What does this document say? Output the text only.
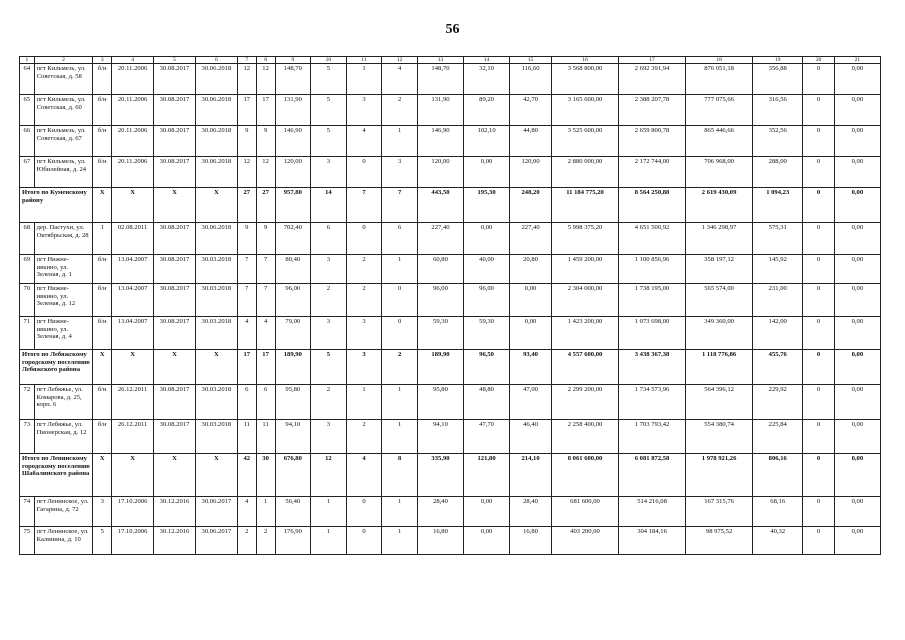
56
1	2	3	4	5	6	7	8	9	10	11	12	13	14	15	16	17	18	19	20	21
64	пгт Кильмезь, ул. Советская, д. 58	б/н	20.11.2006	30.08.2017	30.06.2018	12	12	148,70	5	1	4	148,70	32,10	116,60	3 568 800,00	2 692 391,94	876 051,18	356,88	0	0,00
65	пгт Кильмезь, ул. Советская, д. 60	б/н	20.11.2006	30.08.2017	30.06.2018	17	17	131,90	5	3	2	131,90	89,20	42,70	3 165 600,00	2 388 207,78	777 075,66	316,56	0	0,00
66	пгт Кильмезь, ул. Советская, д. 67	б/н	20.11.2006	30.08.2017	30.06.2018	9	9	146,90	5	4	1	146,90	102,10	44,80	3 525 600,00	2 659 800,78	865 446,66	352,56	0	0,00
67	пгт Кильмезь, ул. Юбилейная, д. 24	б/н	20.11.2006	30.08.2017	30.06.2018	12	12	120,00	3	0	3	120,00	0,00	120,00	2 880 000,00	2 172 744,00	706 968,00	288,00	0	0,00
Итого по Куменскому району		X	X	X	X	27	27	957,80	14	7	7	443,50	195,30	248,20	11 184 775,20	8 564 250,88	2 619 430,09	1 094,23	0	0,00
68	дер. Пастухи, ул. Октябрьская, д. 28	1	02.08.2011	30.08.2017	30.06.2018	9	9	702,40	6	0	6	227,40	0,00	227,40	5 998 375,20	4 651 500,92	1 346 298,97	575,31	0	0,00
69	пгт Нижне-ивкино, ул. Зеленая, д. 1	б/н	13.04.2007	30.08.2017	30.03.2018	7	7	80,40	3	2	1	60,80	40,00	20,80	1 459 200,00	1 100 856,96	358 197,12	145,92	0	0,00
70	пгт Нижне-ивкино, ул. Зеленая, д. 12	б/н	13.04.2007	30.08.2017	30.03.2018	7	7	96,00	2	2	0	96,00	96,00	0,00	2 304 000,00	1 738 195,00	565 574,00	231,00	0	0,00
71	пгт Нижне-ивкино, ул. Зеленая, д. 4	б/н	13.04.2007	30.08.2017	30.03.2018	4	4	79,00	3	3	0	59,30	59,30	0,00	1 423 200,00	1 073 698,00	349 360,00	142,00	0	0,00
Итого по Лебяжскому городскому поселению Лебяжского района		X	X	X	X	17	17	189,90	5	3	2	189,90	96,50	93,40	4 557 600,00	3 438 367,38	1 118 776,86	455,76	0	0,00
72	пгт Лебяжье, ул. Комарова, д. 25, корп. 6	б/н	26.12.2011	30.08.2017	30.03.2018	6	6	95,80	2	1	1	95,80	48,80	47,00	2 299 200,00	1 734 573,96	564 396,12	229,92	0	0,00
73	пгт Лебяжье, ул. Пионерская, д. 12	б/н	26.12.2011	30.08.2017	30.03.2018	11	11	94,10	3	2	1	94,10	47,70	46,40	2 258 400,00	1 703 793,42	554 380,74	225,84	0	0,00
Итого по Ленинскому городскому поселению Шабалинского района		X	X	X	X	42	30	676,80	12	4	8	335,90	121,80	214,10	8 061 600,00	6 081 872,58	1 978 921,26	806,16	0	0,00
74	пгт Ленинское, ул. Гагарина, д. 72	3	17.10.2006	30.12.2016	30.06.2017	4	1	56,40	1	0	1	28,40	0,00	28,40	681 600,00	514 216,08	167 315,76	68,16	0	0,00
75	пгт Ленинское, ул. Калинина, д. 10	5	17.10.2006	30.12.2016	30.06.2017	2	2	176,90	1	0	1	16,80	0,00	16,80	403 200,00	304 184,16	98 975,52	40,32	0	0,00
